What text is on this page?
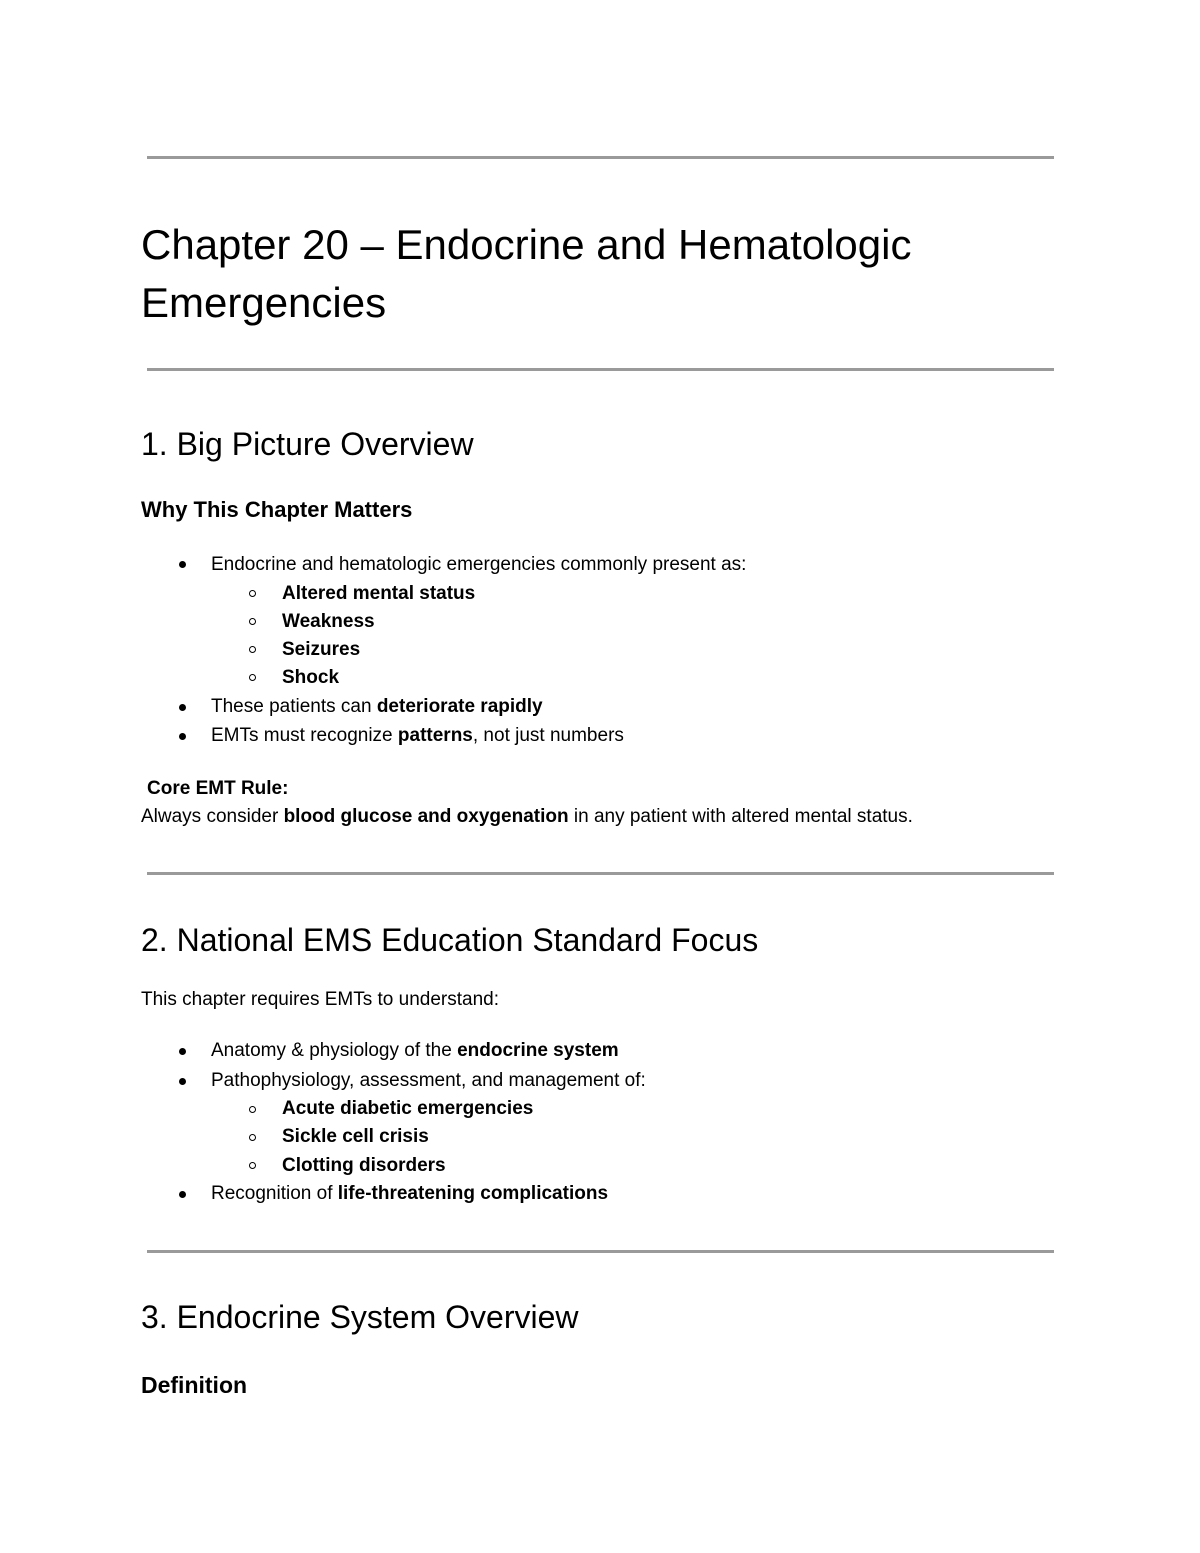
Chapter 20 – Endocrine and Hematologic Emergencies
1. Big Picture Overview
Why This Chapter Matters
Endocrine and hematologic emergencies commonly present as:
Altered mental status
Weakness
Seizures
Shock
These patients can deteriorate rapidly
EMTs must recognize patterns, not just numbers
Core EMT Rule:
Always consider blood glucose and oxygenation in any patient with altered mental status.
2. National EMS Education Standard Focus
This chapter requires EMTs to understand:
Anatomy & physiology of the endocrine system
Pathophysiology, assessment, and management of:
Acute diabetic emergencies
Sickle cell crisis
Clotting disorders
Recognition of life-threatening complications
3. Endocrine System Overview
Definition
